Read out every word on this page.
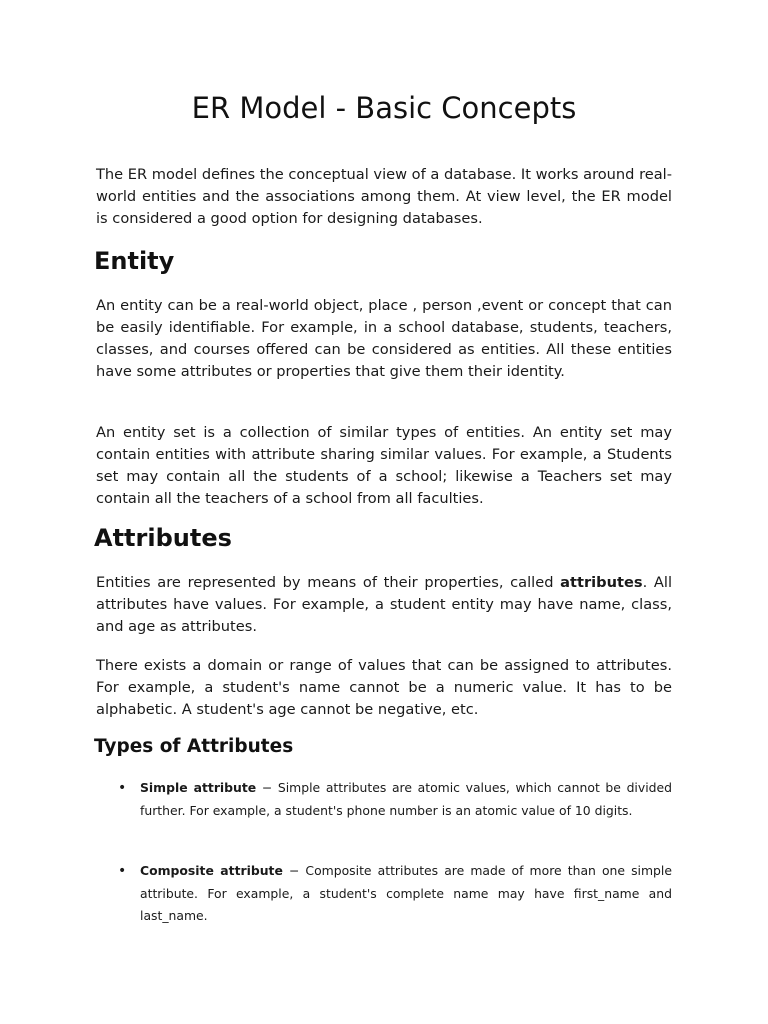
ER Model - Basic Concepts

The ER model defines the conceptual view of a database. It works around real-world entities and the associations among them. At view level, the ER model is considered a good option for designing databases.

Entity

An entity can be a real-world object, place , person ,event or concept that can be easily identifiable. For example, in a school database, students, teachers, classes, and courses offered can be considered as entities. All these entities have some attributes or properties that give them their identity.

An entity set is a collection of similar types of entities. An entity set may contain entities with attribute sharing similar values. For example, a Students set may contain all the students of a school; likewise a Teachers set may contain all the teachers of a school from all faculties.

Attributes

Entities are represented by means of their properties, called attributes. All attributes have values. For example, a student entity may have name, class, and age as attributes.

There exists a domain or range of values that can be assigned to attributes. For example, a student's name cannot be a numeric value. It has to be alphabetic. A student's age cannot be negative, etc.

Types of Attributes
• Simple attribute − Simple attributes are atomic values, which cannot be divided further. For example, a student's phone number is an atomic value of 10 digits.
• Composite attribute − Composite attributes are made of more than one simple attribute. For example, a student's complete name may have first_name and last_name.
